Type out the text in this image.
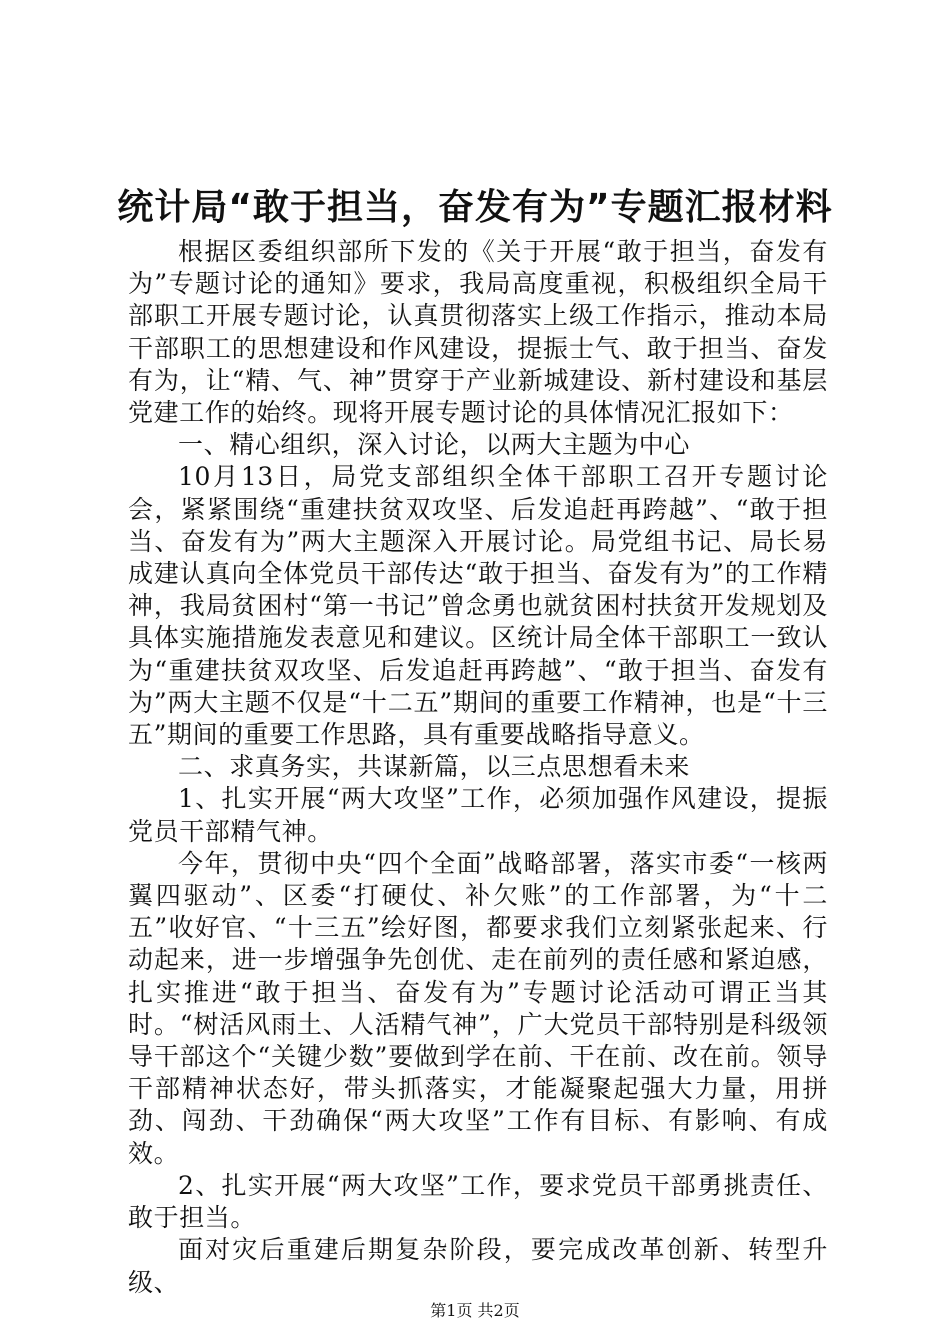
统计局“敢于担当，奋发有为”专题汇报材料

根据区委组织部所下发的《关于开展“敢于担当，奋发有为”专题讨论的通知》要求，我局高度重视，积极组织全局干部职工开展专题讨论，认真贯彻落实上级工作指示，推动本局干部职工的思想建设和作风建设，提振士气、敢于担当、奋发有为，让“精、气、神”贯穿于产业新城建设、新村建设和基层党建工作的始终。现将开展专题讨论的具体情况汇报如下：

一、精心组织，深入讨论，以两大主题为中心

10月13日，局党支部组织全体干部职工召开专题讨论会，紧紧围绕“重建扶贫双攻坚、后发追赶再跨越”、“敢于担当、奋发有为”两大主题深入开展讨论。局党组书记、局长易成建认真向全体党员干部传达“敢于担当、奋发有为”的工作精神，我局贫困村“第一书记”曾念勇也就贫困村扶贫开发规划及具体实施措施发表意见和建议。区统计局全体干部职工一致认为“重建扶贫双攻坚、后发追赶再跨越”、“敢于担当、奋发有为”两大主题不仅是“十二五”期间的重要工作精神，也是“十三五”期间的重要工作思路，具有重要战略指导意义。

二、求真务实，共谋新篇，以三点思想看未来

1、扎实开展“两大攻坚”工作，必须加强作风建设，提振党员干部精气神。

今年，贯彻中央“四个全面”战略部署，落实市委“一核两翼四驱动”、区委“打硬仗、补欠账”的工作部署，为“十二五”收好官、“十三五”绘好图，都要求我们立刻紧张起来、行动起来，进一步增强争先创优、走在前列的责任感和紧迫感，扎实推进“敢于担当、奋发有为”专题讨论活动可谓正当其时。“树活风雨土、人活精气神”，广大党员干部特别是科级领导干部这个“关键少数”要做到学在前、干在前、改在前。领导干部精神状态好，带头抓落实，才能凝聚起强大力量，用拼劲、闯劲、干劲确保“两大攻坚”工作有目标、有影响、有成效。

2、扎实开展“两大攻坚”工作，要求党员干部勇挑责任、敢于担当。

面对灾后重建后期复杂阶段，要完成改革创新、转型升级、

第1页 共2页
